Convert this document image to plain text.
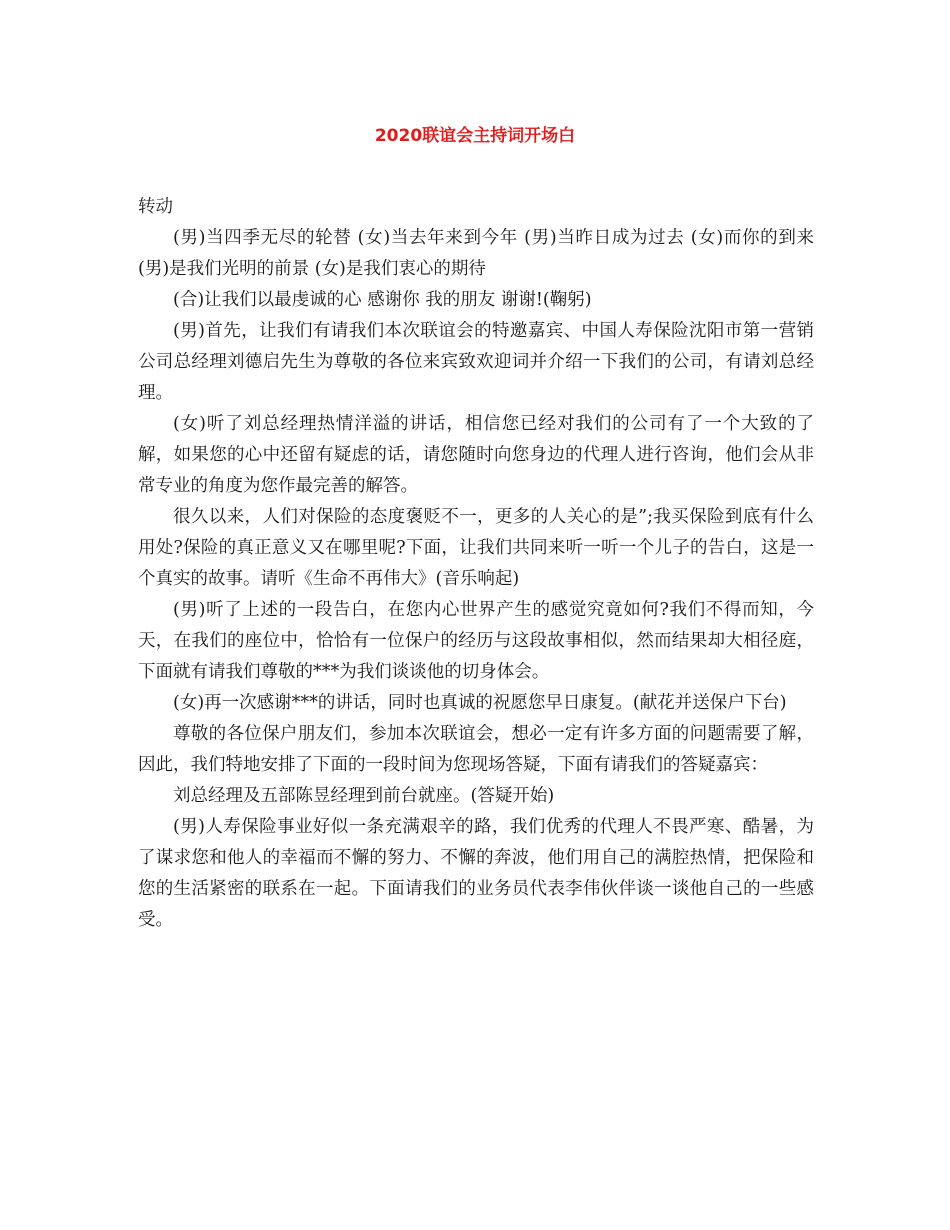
2020联谊会主持词开场白

转动

(男)当四季无尽的轮替 (女)当去年来到今年 (男)当昨日成为过去 (女)而你的到来 (男)是我们光明的前景 (女)是我们衷心的期待

(合)让我们以最虔诚的心 感谢你 我的朋友 谢谢!(鞠躬)

(男)首先，让我们有请我们本次联谊会的特邀嘉宾、中国人寿保险沈阳市第一营销公司总经理刘德启先生为尊敬的各位来宾致欢迎词并介绍一下我们的公司，有请刘总经理。

(女)听了刘总经理热情洋溢的讲话，相信您已经对我们的公司有了一个大致的了解，如果您的心中还留有疑虑的话，请您随时向您身边的代理人进行咨询，他们会从非常专业的角度为您作最完善的解答。

很久以来，人们对保险的态度褒贬不一，更多的人关心的是”;我买保险到底有什么用处?保险的真正意义又在哪里呢?下面，让我们共同来听一听一个儿子的告白，这是一个真实的故事。请听《生命不再伟大》(音乐响起)

(男)听了上述的一段告白，在您内心世界产生的感觉究竟如何?我们不得而知，今天，在我们的座位中，恰恰有一位保户的经历与这段故事相似，然而结果却大相径庭，下面就有请我们尊敬的***为我们谈谈他的切身体会。

(女)再一次感谢***的讲话，同时也真诚的祝愿您早日康复。(献花并送保户下台)

尊敬的各位保户朋友们，参加本次联谊会，想必一定有许多方面的问题需要了解，因此，我们特地安排了下面的一段时间为您现场答疑，下面有请我们的答疑嘉宾：

刘总经理及五部陈昱经理到前台就座。(答疑开始)

(男)人寿保险事业好似一条充满艰辛的路，我们优秀的代理人不畏严寒、酷暑，为了谋求您和他人的幸福而不懈的努力、不懈的奔波，他们用自己的满腔热情，把保险和您的生活紧密的联系在一起。下面请我们的业务员代表李伟伙伴谈一谈他自己的一些感受。
